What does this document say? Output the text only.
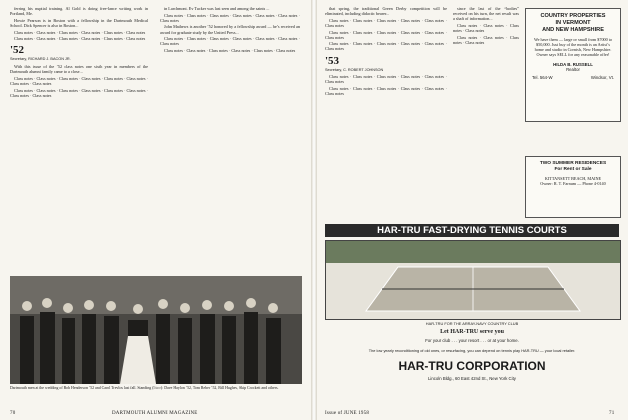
ferring his nuptial training. Al Gold is doing free-lance writing work in Portland, Me.

Howie Pearson is in Boston with a fellowship in the Dartmouth Medical School. Dick Spencer is also in Boston...

Class notes · Class notes · Class notes · Class notes · Class notes · Class notes

Class notes · Class notes · Class notes · Class notes · Class notes · Class notes

'52
Secretary, RICHARD J. BACON JR.

With this issue of the ’52 class notes one sixth year in members of the Dartmouth alumni family came to a close...

Class notes · Class notes · Class notes · Class notes · Class notes · Class notes · Class notes · Class notes

Class notes · Class notes · Class notes · Class notes · Class notes · Class notes · Class notes · Class notes

in Larchmont. Ev Tucker was last seen and among the saints ...

Class notes · Class notes · Class notes · Class notes · Class notes · Class notes · Class notes

John Mathews is another ’52 honored by a fellowship award — he’s received an award for graduate study by the United Press...

Class notes · Class notes · Class notes · Class notes · Class notes · Class notes · Class notes

Class notes · Class notes · Class notes · Class notes · Class notes · Class notes

Dartmouth men at the wedding of Bob Henderson ’52 and Carol Trevlos last fall. Standing (l to r): Dave Haylon ’52, Tom Reber ’52, Bill Hughes, Skip Crockett and others.
70	DARTMOUTH ALUMNI MAGAZINE

that spring, the traditional Green Derby competition will be eliminated, including didactic bearer...

Class notes · Class notes · Class notes · Class notes · Class notes · Class notes

Class notes · Class notes · Class notes · Class notes · Class notes · Class notes

Class notes · Class notes · Class notes · Class notes · Class notes · Class notes

'53
Secretary, C. ROBERT JOHNSON

Class notes · Class notes · Class notes · Class notes · Class notes · Class notes

Class notes · Class notes · Class notes · Class notes · Class notes · Class notes

since the last of the “bodies” received on his turn, the net result was a shaft of information...

Class notes · Class notes · Class notes · Class notes

Class notes · Class notes · Class notes · Class notes

COUNTRY PROPERTIES
IN VERMONT
AND NEW HAMPSHIRE
We have them — large or small from $7000 to $50,000. Just buy of the month is an Artist’s home and studio in Cornish, New Hampshire. Owner says SELL for any reasonable offer!
HILDA B. RUSSELL
Realtor
Tel. 564-W	Windsor, Vt.
TWO SUMMER RESIDENCES
For Rent or Sale
KITTANSETT BEACH, MAINE
Owner: R. T. Farnum — Phone 4-0140
HAR-TRU FAST-DRYING TENNIS COURTS
HAR-TRU FOR THE ARRAY-NAVY COUNTRY CLUB
Let HAR-TRU serve you
For your club . . . your resort . . . or at your home.
The low yearly reconditioning of old ones, or resurfacing, you can depend on tennis play HAR-TRU — your local retailer.
HAR-TRU CORPORATION
Lincoln Bldg., 60 East 42nd St., New York City
Issue of JUNE 1958	71
